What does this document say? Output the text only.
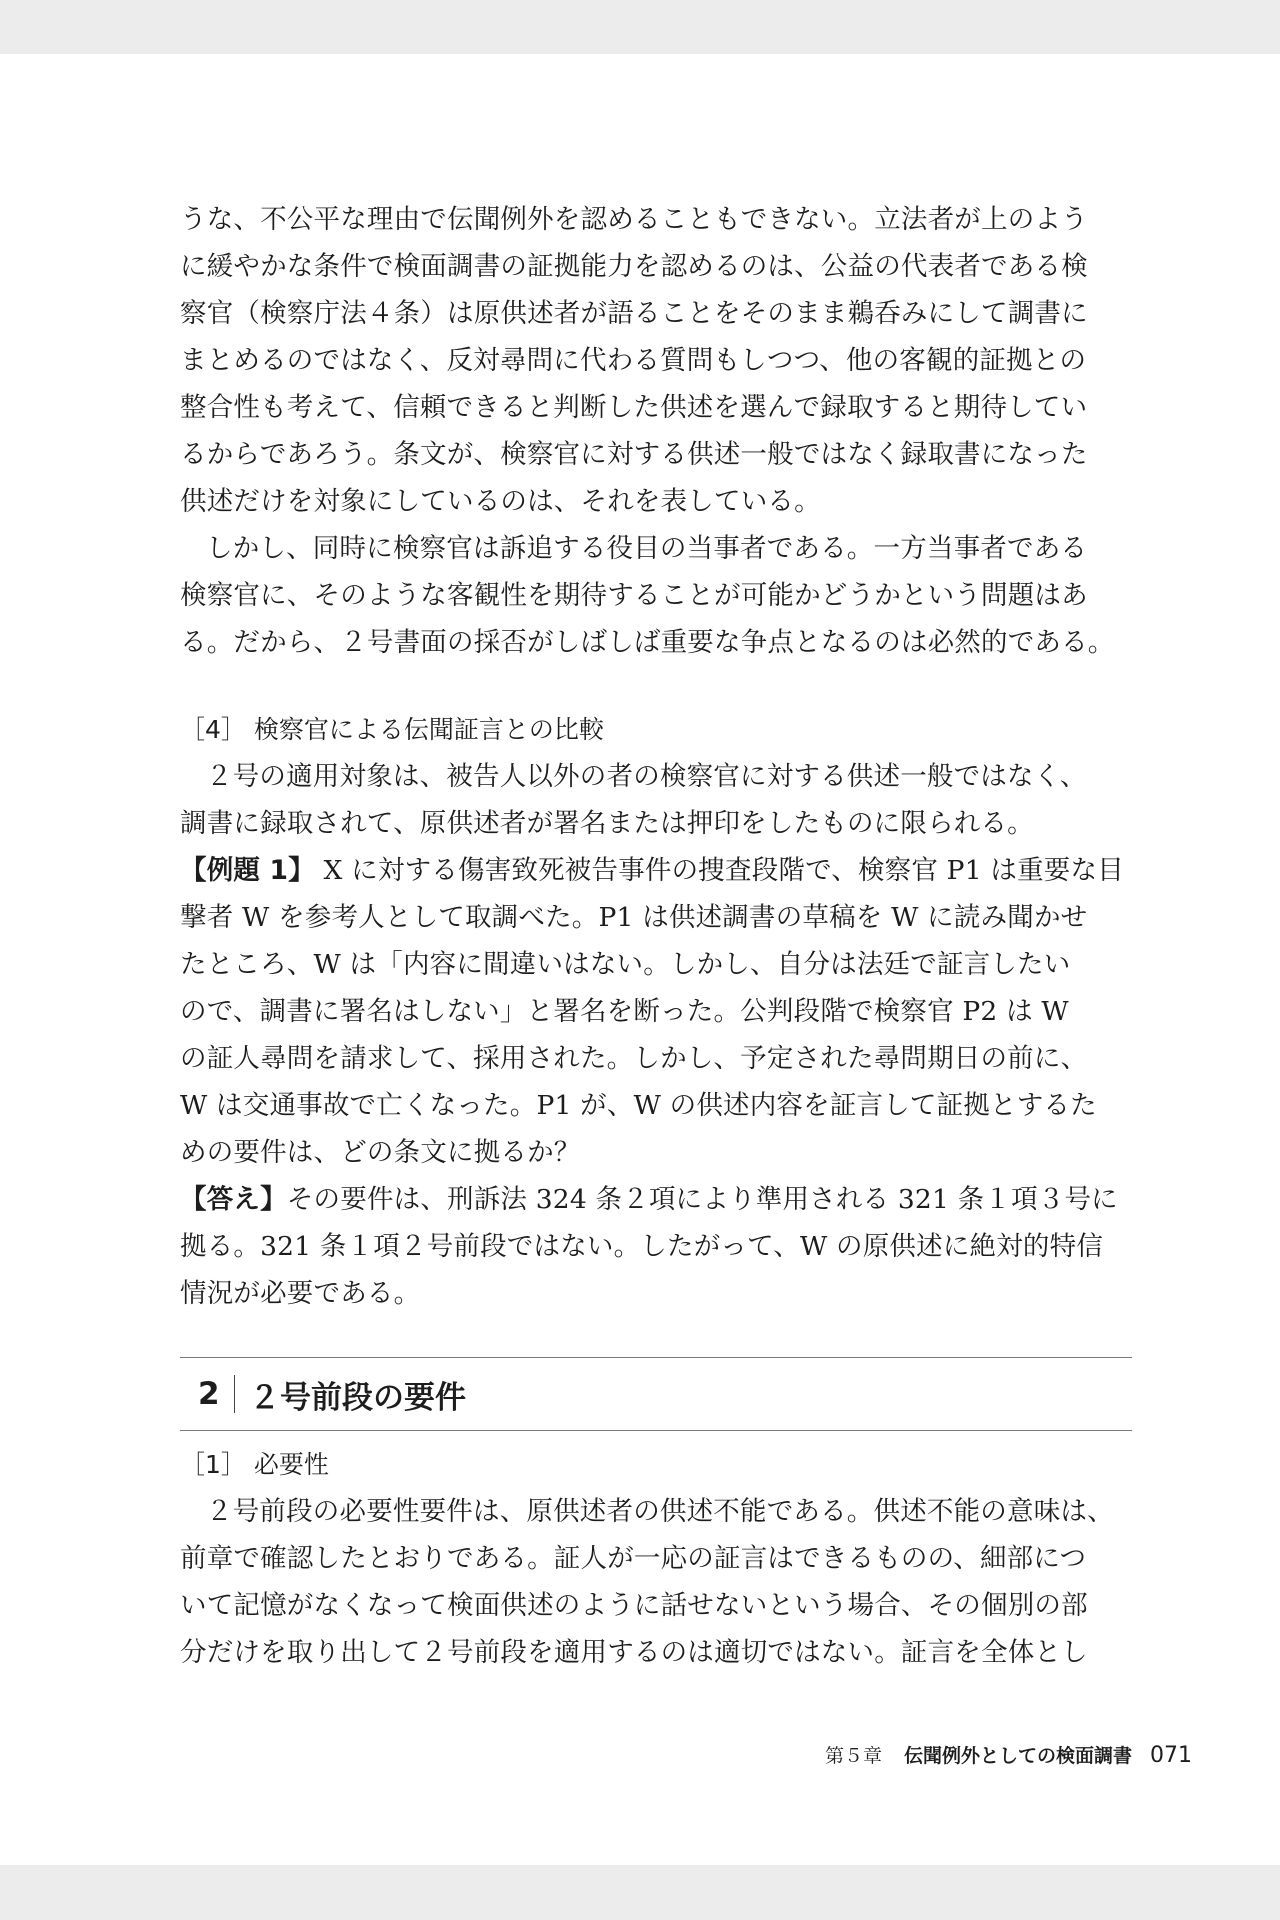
うな、不公平な理由で伝聞例外を認めることもできない。立法者が上のよう
に緩やかな条件で検面調書の証拠能力を認めるのは、公益の代表者である検
察官（検察庁法４条）は原供述者が語ることをそのまま鵜呑みにして調書に
まとめるのではなく、反対尋問に代わる質問もしつつ、他の客観的証拠との
整合性も考えて、信頼できると判断した供述を選んで録取すると期待してい
るからであろう。条文が、検察官に対する供述一般ではなく録取書になった
供述だけを対象にしているのは、それを表している。
しかし、同時に検察官は訴追する役目の当事者である。一方当事者である
検察官に、そのような客観性を期待することが可能かどうかという問題はあ
る。だから、２号書面の採否がしばしば重要な争点となるのは必然的である。
［4］ 検察官による伝聞証言との比較
２号の適用対象は、被告人以外の者の検察官に対する供述一般ではなく、
調書に録取されて、原供述者が署名または押印をしたものに限られる。
【例題 1】 X に対する傷害致死被告事件の捜査段階で、検察官 P1 は重要な目
撃者 W を参考人として取調べた。P1 は供述調書の草稿を W に読み聞かせ
たところ、W は「内容に間違いはない。しかし、自分は法廷で証言したい
ので、調書に署名はしない」と署名を断った。公判段階で検察官 P2 は W
の証人尋問を請求して、採用された。しかし、予定された尋問期日の前に、
W は交通事故で亡くなった。P1 が、W の供述内容を証言して証拠とするた
めの要件は、どの条文に拠るか？
【答え】その要件は、刑訴法 324 条２項により準用される 321 条１項３号に
拠る。321 条１項２号前段ではない。したがって、W の原供述に絶対的特信
情況が必要である。
2 ２号前段の要件
［1］ 必要性
２号前段の必要性要件は、原供述者の供述不能である。供述不能の意味は、
前章で確認したとおりである。証人が一応の証言はできるものの、細部につ
いて記憶がなくなって検面供述のように話せないという場合、その個別の部
分だけを取り出して２号前段を適用するのは適切ではない。証言を全体とし
第５章 伝聞例外としての検面調書 071
